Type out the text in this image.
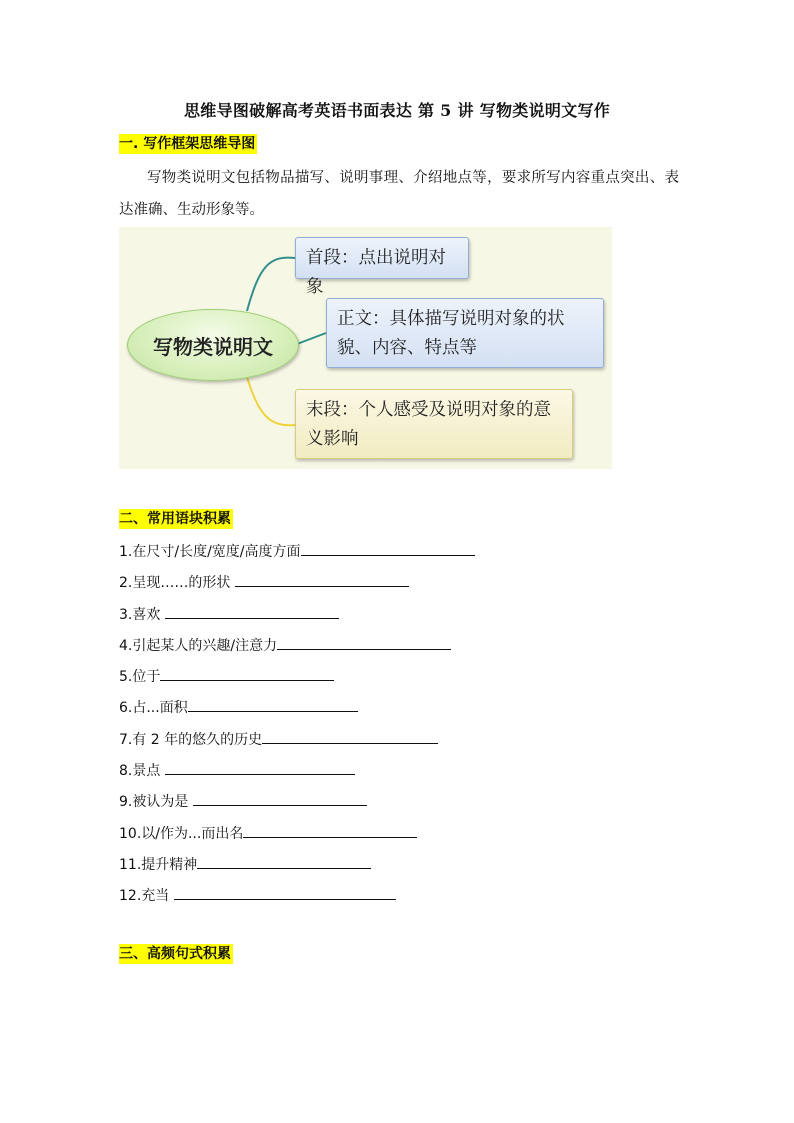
思维导图破解高考英语书面表达 第 5 讲 写物类说明文写作
一. 写作框架思维导图
写物类说明文包括物品描写、说明事理、介绍地点等，要求所写内容重点突出、表达准确、生动形象等。
写物类说明文
首段：点出说明对象
正文：具体描写说明对象的状貌、内容、特点等
末段：个人感受及说明对象的意义影响
二、常用语块积累
1.在尺寸/长度/宽度/高度方面
2.呈现……的形状
3.喜欢
4.引起某人的兴趣/注意力
5.位于
6.占...面积
7.有 2 年的悠久的历史
8.景点
9.被认为是
10.以/作为...而出名
11.提升精神
12.充当
三、高频句式积累
